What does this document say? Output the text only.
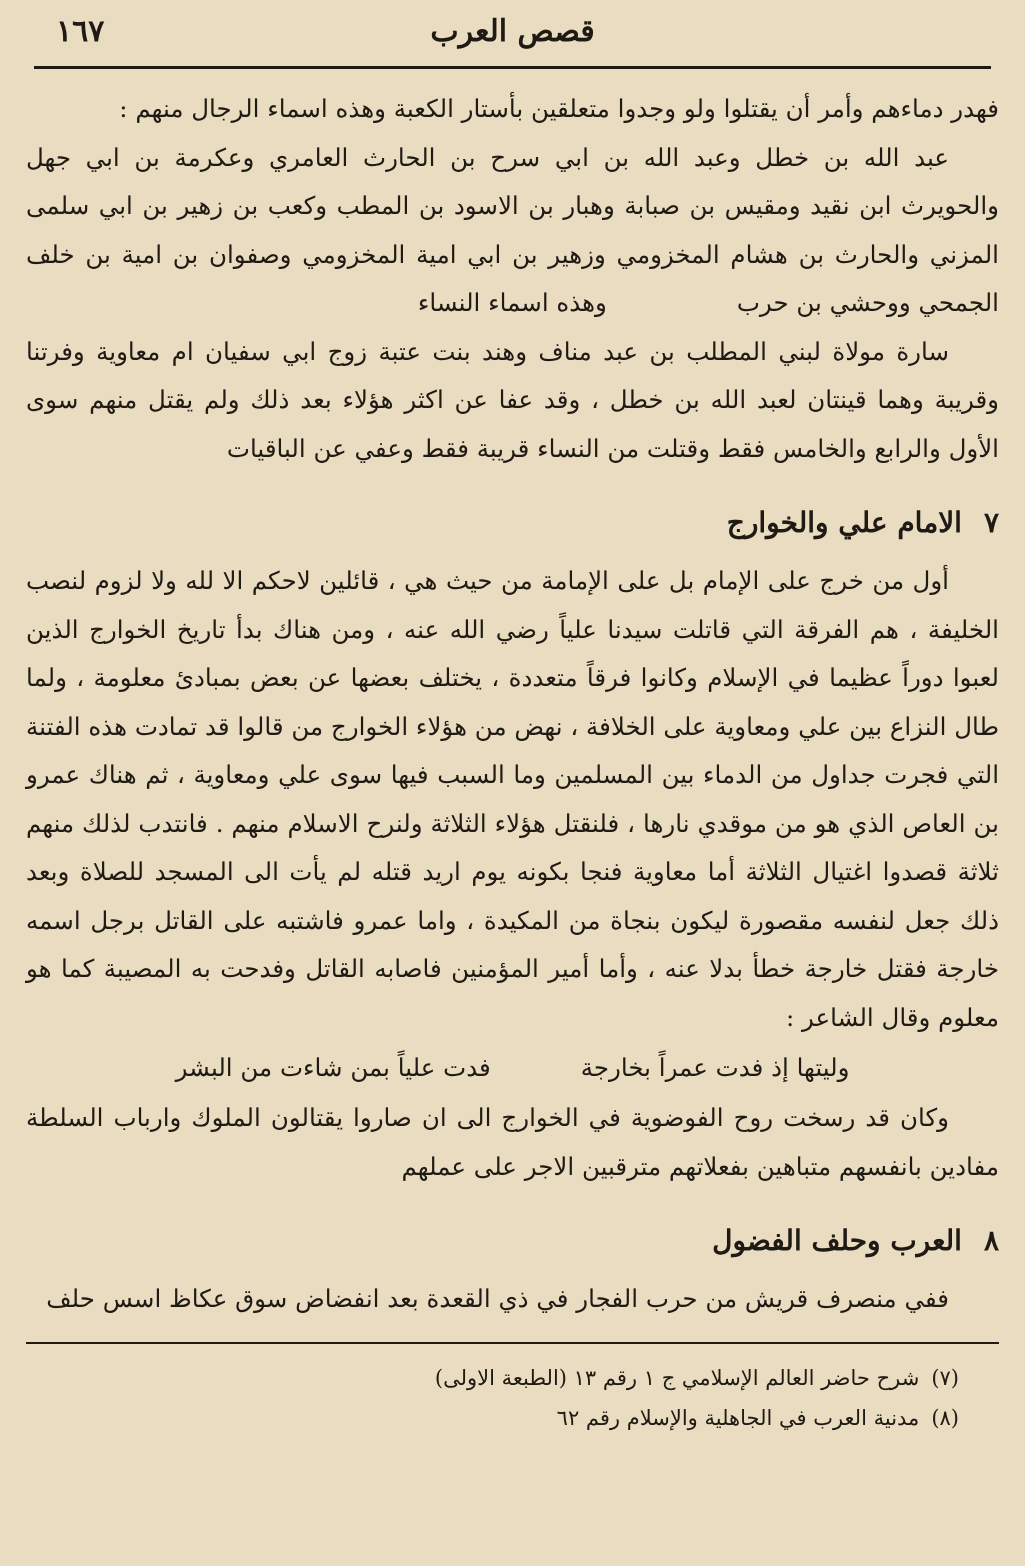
قصص العرب
١٦٧

فهدر دماءهم وأمر أن يقتلوا ولو وجدوا متعلقين بأستار الكعبة وهذه اسماء الرجال منهم :

عبد الله بن خطل وعبد الله بن ابي سرح بن الحارث العامري وعكرمة بن ابي جهل والحويرث ابن نقيد ومقيس بن صبابة وهبار بن الاسود بن المطب وكعب بن زهير بن ابي سلمى المزني والحارث بن هشام المخزومي وزهير بن ابي امية المخزومي وصفوان بن امية بن خلف الجمحي ووحشي بن حربوهذه اسماء النساء

سارة مولاة لبني المطلب بن عبد مناف وهند بنت عتبة زوج ابي سفيان ام معاوية وفرتنا وقريبة وهما قينتان لعبد الله بن خطل ، وقد عفا عن اكثر هؤلاء بعد ذلك ولم يقتل منهم سوى الأول والرابع والخامس فقط وقتلت من النساء قريبة فقط وعفي عن الباقيات

٧الامام علي والخوارج

أول من خرج على الإمام بل على الإمامة من حيث هي ، قائلين لاحكم الا لله ولا لزوم لنصب الخليفة ، هم الفرقة التي قاتلت سيدنا علياً رضي الله عنه ، ومن هناك بدأ تاريخ الخوارج الذين لعبوا دوراً عظيما في الإسلام وكانوا فرقاً متعددة ، يختلف بعضها عن بعض بمبادئ معلومة ، ولما طال النزاع بين علي ومعاوية على الخلافة ، نهض من هؤلاء الخوارج من قالوا قد تمادت هذه الفتنة التي فجرت جداول من الدماء بين المسلمين وما السبب فيها سوى علي ومعاوية ، ثم هناك عمرو بن العاص الذي هو من موقدي نارها ، فلنقتل هؤلاء الثلاثة ولنرح الاسلام منهم . فانتدب لذلك منهم ثلاثة قصدوا اغتيال الثلاثة أما معاوية فنجا بكونه يوم اريد قتله لم يأت الى المسجد للصلاة وبعد ذلك جعل لنفسه مقصورة ليكون بنجاة من المكيدة ، واما عمرو فاشتبه على القاتل برجل اسمه خارجة فقتل خارجة خطأ بدلا عنه ، وأما أمير المؤمنين فاصابه القاتل وفدحت به المصيبة كما هو معلوم وقال الشاعر :

وليتها إذ فدت عمراً بخارجة
فدت علياً بمن شاءت من البشر

وكان قد رسخت روح الفوضوية في الخوارج الى ان صاروا يقتالون الملوك وارباب السلطة مفادين بانفسهم متباهين بفعلاتهم مترقبين الاجر على عملهم

٨العرب وحلف الفضول

ففي منصرف قريش من حرب الفجار في ذي القعدة بعد انفضاض سوق عكاظ اسس حلف

(٧)شرح حاضر العالم الإسلامي ج ١ رقم ١٣ (الطبعة الاولى)

(٨)مدنية العرب في الجاهلية والإسلام رقم ٦٢
